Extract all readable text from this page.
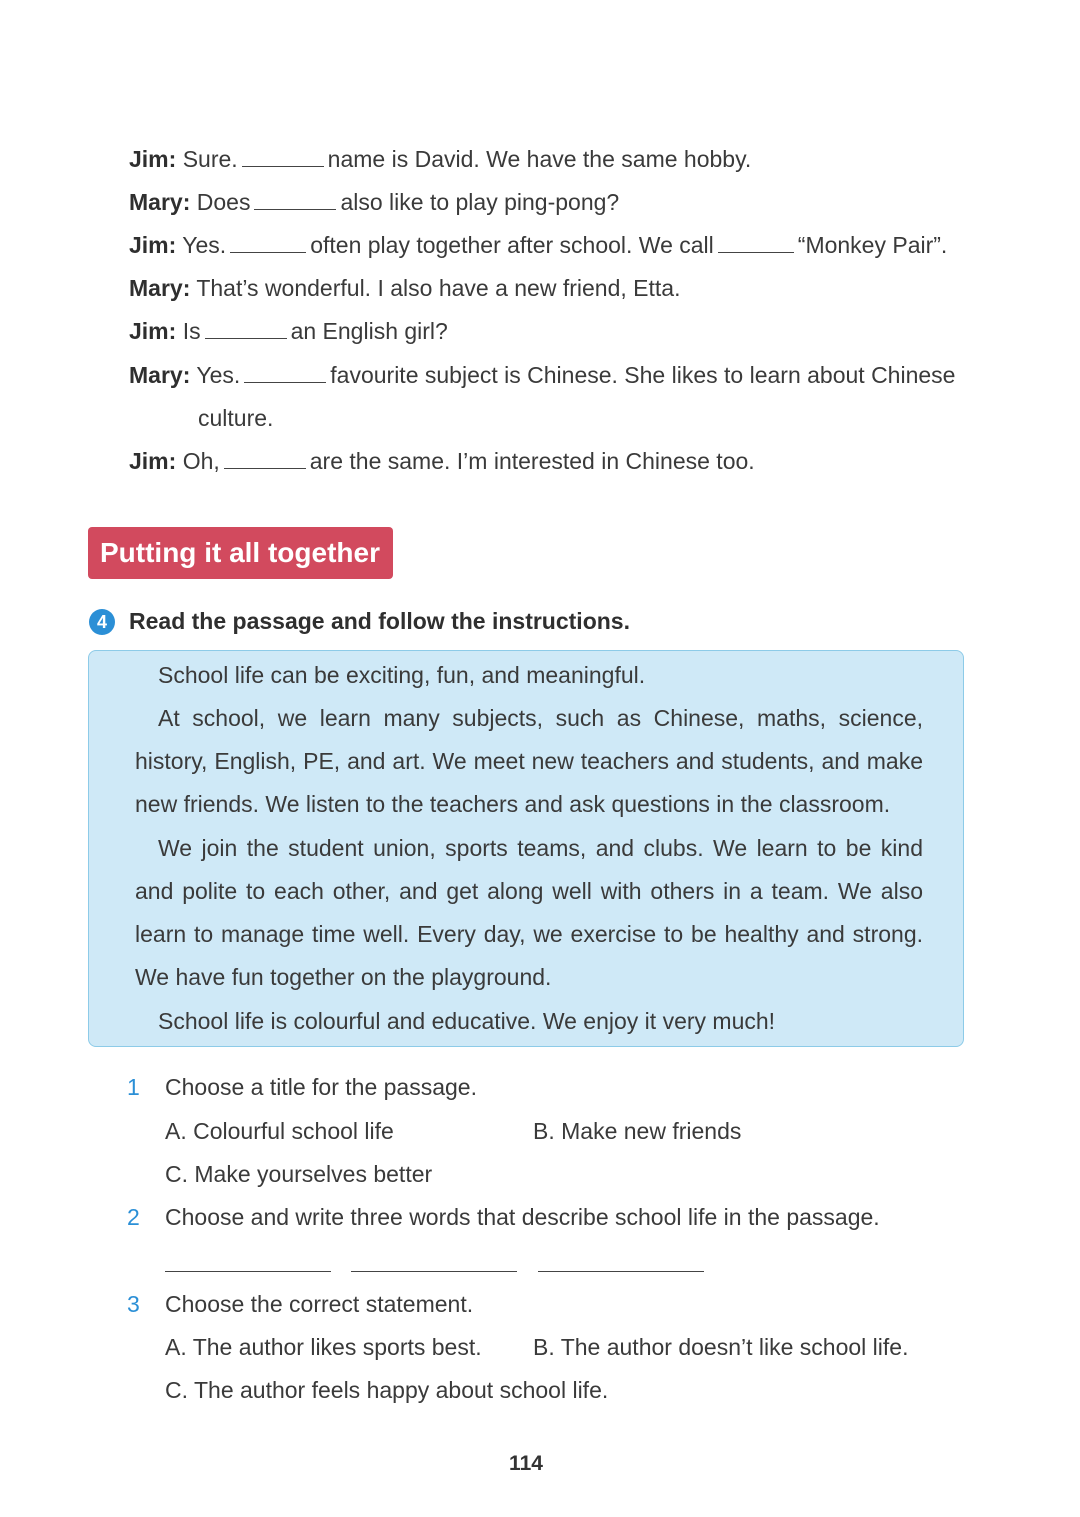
Jim: Sure.	name is David. We have the same hobby.
Mary: Does	also like to play ping-pong?
Jim: Yes.	often play together after school. We call	“Monkey Pair”.
Mary: That’s wonderful. I also have a new friend, Etta.
Jim: Is	an English girl?
Mary: Yes.	favourite subject is Chinese. She likes to learn about Chinese
culture.
Jim: Oh,	are the same. I’m interested in Chinese too.
Putting it all together
4 Read the passage and follow the instructions.
School life can be exciting, fun, and meaningful.
At school, we learn many subjects, such as Chinese, maths, science,
history, English, PE, and art. We meet new teachers and students, and make
new friends. We listen to the teachers and ask questions in the classroom.
We join the student union, sports teams, and clubs. We learn to be kind
and polite to each other, and get along well with others in a team. We also
learn to manage time well. Every day, we exercise to be healthy and strong.
We have fun together on the playground.
School life is colourful and educative. We enjoy it very much!
1 Choose a title for the passage.
A. Colourful school life	B. Make new friends
C. Make yourselves better
2 Choose and write three words that describe school life in the passage.
3 Choose the correct statement.
A. The author likes sports best. B. The author doesn’t like school life.
C. The author feels happy about school life.
114
